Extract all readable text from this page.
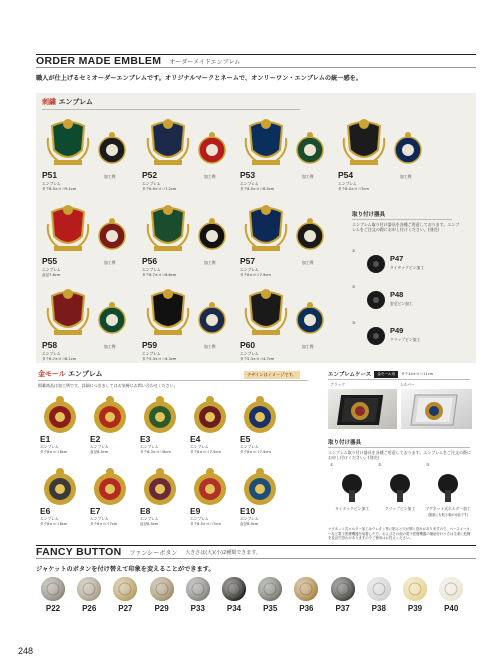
ORDER MADE EMBLEM オーダーメイドエンブレム
職人が仕上げるセミオーダーエンブレムです。オリジナルマークとネームで、オンリーワン・エンブレムの統一感を。
刺繍 エンブレム
P51
エンブレム
タテ8.5×ヨコ9.1cm
加工例	P52
エンブレム
タテ8.9×ヨコ7.2cm
加工例	P53
エンブレム
タテ8.5×ヨコ8.5cm
加工例	P54
エンブレム
タテ8.0×ヨコ7cm
加工例
P55
エンブレム
直径7.6cm
加工例	P56
エンブレム
タテ8.7×ヨコ6.6cm
加工例	P57
エンブレム
タテ8×ヨコ7.9cm
加工例
P58
エンブレム
タテ6.7×ヨコ8.1cm
加工例	P59
エンブレム
タテ5.3×ヨコ4.3cm
加工例	P60
エンブレム
タテ5.3×ヨコ4.7cm
加工例
取り付け器具
エンブレム取り付け器具を各種ご用意しております。エンブレムをご注文の際にお申し付けください。(別売)
①
P47
タイタックピン加工
②
P48
安全ピン加工
③
P49
クリップピン加工
金モール エンブレム	デザインはイメージです。
掲載商品は加工例です。詳細につきましてはお気軽にお問い合わせください。
E1
エンブレム
タテ8×ヨコ8cm
E2
エンブレム
直径8.5cm
E3
エンブレム
タテ8.3×ヨコ8cm
E4
エンブレム
タテ8×ヨコ7.5cm
E5
エンブレム
タテ8×ヨコ7.5cm
E6
エンブレム
タテ8×ヨコ8cm
E7
エンブレム
タテ8×ヨコ7cm
E8
エンブレム
直径8.5cm
E9
エンブレム
タテ8.5×ヨコ7cm
E10
エンブレム
直径8.5cm
エンブレムケース	金モール用	タテ14×ヨコ11cm
ブラック	シルバー
取り付け器具
エンブレム取り付け器具を各種ご用意しております。エンブレムをご注文の際にお申し付けください。(別売)
①
タイタックピン加工
②
クリップピン加工
③
マグネット式ホルダー加工
(裏面にも貼る事が可能です)
マグネット式ホルダー加工はウレタン等に貼ると穴が開く恐れがありますので、ペースメーカーなど電子医療機器を装着した方、およびその他の電子医療機器の補助を行う方は生命に危険を及ぼす恐れがありますのでご使用はお控えください。
FANCY BUTTON ファンシーボタン 大きさは(大)(小)2種類できます。
ジャケットのボタンを付け替えて印象を変えることができます。
P22	P26	P27	P29	P33	P34	P35	P36	P37	P38	P39	P40
248
